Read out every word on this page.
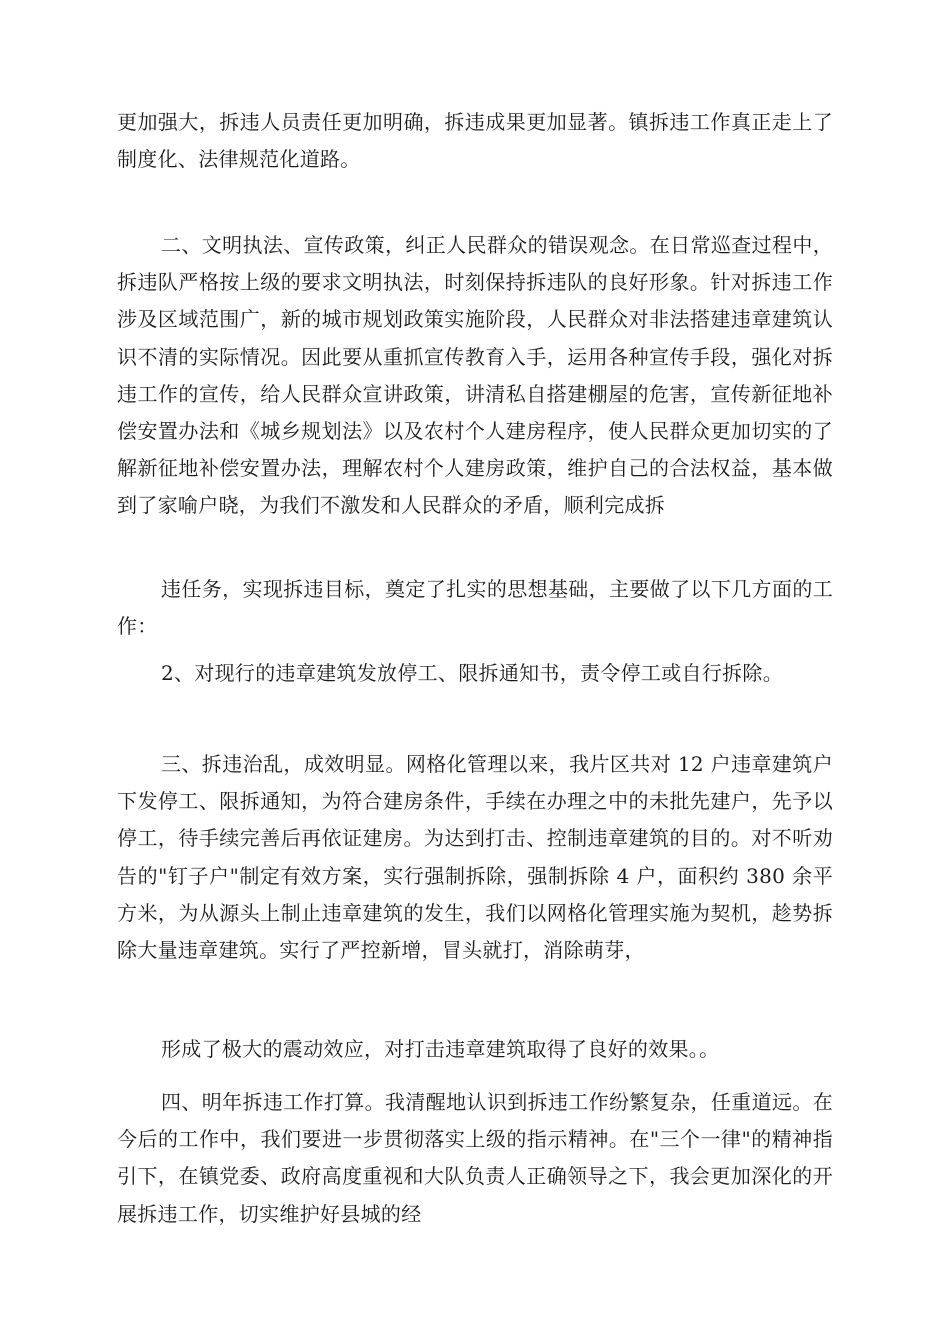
更加强大，拆违人员责任更加明确，拆违成果更加显著。镇拆违工作真正走上了制度化、法律规范化道路。

二、文明执法、宣传政策，纠正人民群众的错误观念。在日常巡查过程中，拆违队严格按上级的要求文明执法，时刻保持拆违队的良好形象。针对拆违工作涉及区域范围广，新的城市规划政策实施阶段，人民群众对非法搭建违章建筑认识不清的实际情况。因此要从重抓宣传教育入手，运用各种宣传手段，强化对拆违工作的宣传，给人民群众宣讲政策，讲清私自搭建棚屋的危害，宣传新征地补偿安置办法和《城乡规划法》以及农村个人建房程序，使人民群众更加切实的了解新征地补偿安置办法，理解农村个人建房政策，维护自己的合法权益，基本做到了家喻户晓，为我们不激发和人民群众的矛盾，顺利完成拆

违任务，实现拆违目标，奠定了扎实的思想基础，主要做了以下几方面的工作：

2、对现行的违章建筑发放停工、限拆通知书，责令停工或自行拆除。

三、拆违治乱，成效明显。网格化管理以来，我片区共对 12 户违章建筑户下发停工、限拆通知，为符合建房条件，手续在办理之中的未批先建户，先予以停工，待手续完善后再依证建房。为达到打击、控制违章建筑的目的。对不听劝告的"钉子户"制定有效方案，实行强制拆除，强制拆除 4 户，面积约 380 余平方米，为从源头上制止违章建筑的发生，我们以网格化管理实施为契机，趁势拆除大量违章建筑。实行了严控新增，冒头就打，消除萌芽，

形成了极大的震动效应，对打击违章建筑取得了良好的效果。。

四、明年拆违工作打算。我清醒地认识到拆违工作纷繁复杂，任重道远。在今后的工作中，我们要进一步贯彻落实上级的指示精神。在"三个一律"的精神指引下，在镇党委、政府高度重视和大队负责人正确领导之下，我会更加深化的开展拆违工作，切实维护好县城的经
